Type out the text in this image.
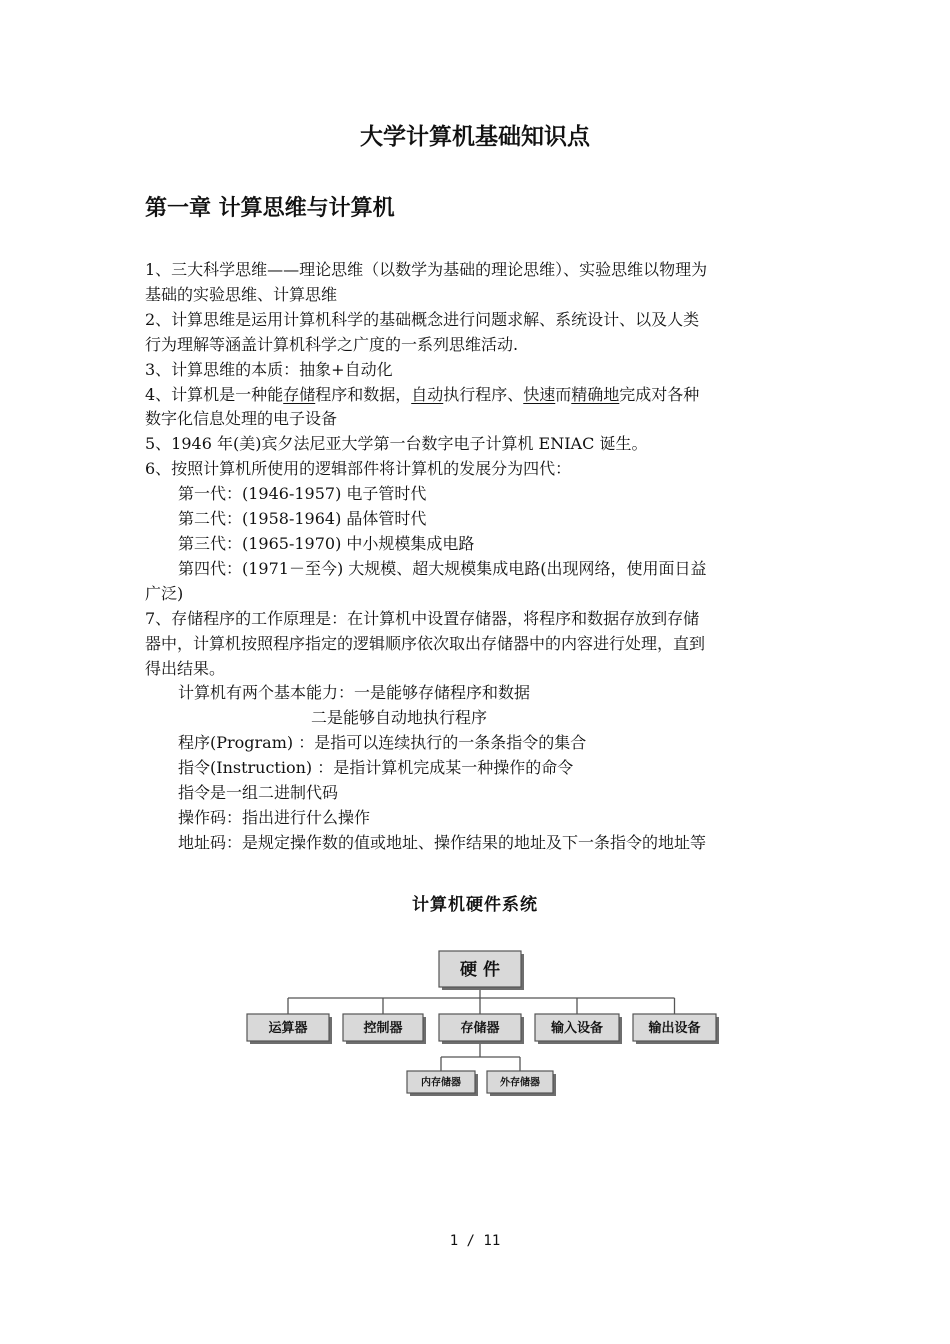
大学计算机基础知识点
第一章 计算思维与计算机

1、三大科学思维——理论思维（以数学为基础的理论思维）、实验思维以物理为

基础的实验思维、计算思维

2、计算思维是运用计算机科学的基础概念进行问题求解、系统设计、以及人类

行为理解等涵盖计算机科学之广度的一系列思维活动.

3、计算思维的本质：抽象+自动化

4、计算机是一种能存储程序和数据，自动执行程序、快速而精确地完成对各种

数字化信息处理的电子设备

5、1946 年(美)宾夕法尼亚大学第一台数字电子计算机 ENIAC 诞生。

6、按照计算机所使用的逻辑部件将计算机的发展分为四代：

第一代：(1946-1957) 电子管时代

第二代：(1958-1964) 晶体管时代

第三代：(1965-1970) 中小规模集成电路

第四代：(1971－至今) 大规模、超大规模集成电路(出现网络，使用面日益

广泛)

7、存储程序的工作原理是：在计算机中设置存储器，将程序和数据存放到存储

器中，计算机按照程序指定的逻辑顺序依次取出存储器中的内容进行处理，直到

得出结果。

计算机有两个基本能力：一是能够存储程序和数据

二是能够自动地执行程序

程序(Program) ：是指可以连续执行的一条条指令的集合

指令(Instruction) ：是指计算机完成某一种操作的命令

指令是一组二进制代码

操作码：指出进行什么操作

地址码：是规定操作数的值或地址、操作结果的地址及下一条指令的地址等

计算机硬件系统
硬 件
运算器	控制器	存储器	输入设备	输出设备
内存储器	外存储器
1 / 11
